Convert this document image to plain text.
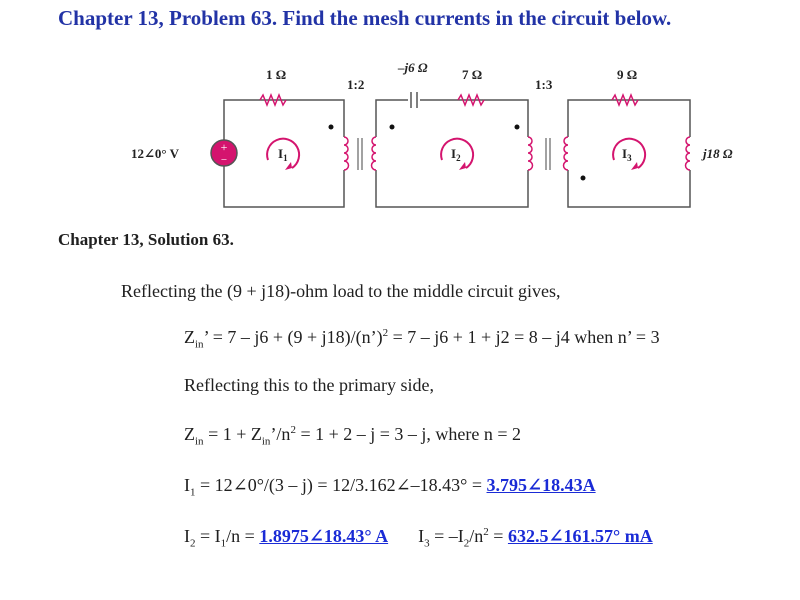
Chapter 13, Problem 63. Find the mesh currents in the circuit below.
+
−
1 Ω
1:2
–j6 Ω	7 Ω
1:3
9 Ω
12∠0° V	j18 Ω
$I_1$	$I_2$	$I_3$
Chapter 13, Solution 63.
Reflecting the (9 + j18)-ohm load to the middle circuit gives,
$Z_{in}$’ = 7 – j6 + (9 + j18)/(n’)$^2$ = 7 – j6 + 1 + j2 = 8 – j4 when n’ = 3
Reflecting this to the primary side,
$Z_{in} = 1$ + $Z_{in}’/n^2 = 1 + 2 - j = 3 - j$, where n = 2
$I_1$ = 12∠0°/(3 – j) = 12/3.162∠–18.43° = 3.795∠18.43A
$I_2 = I_1/n$ = 1.8975∠18.43° A $I_3 = -I_2/n^2$ = 632.5∠161.57° mA
